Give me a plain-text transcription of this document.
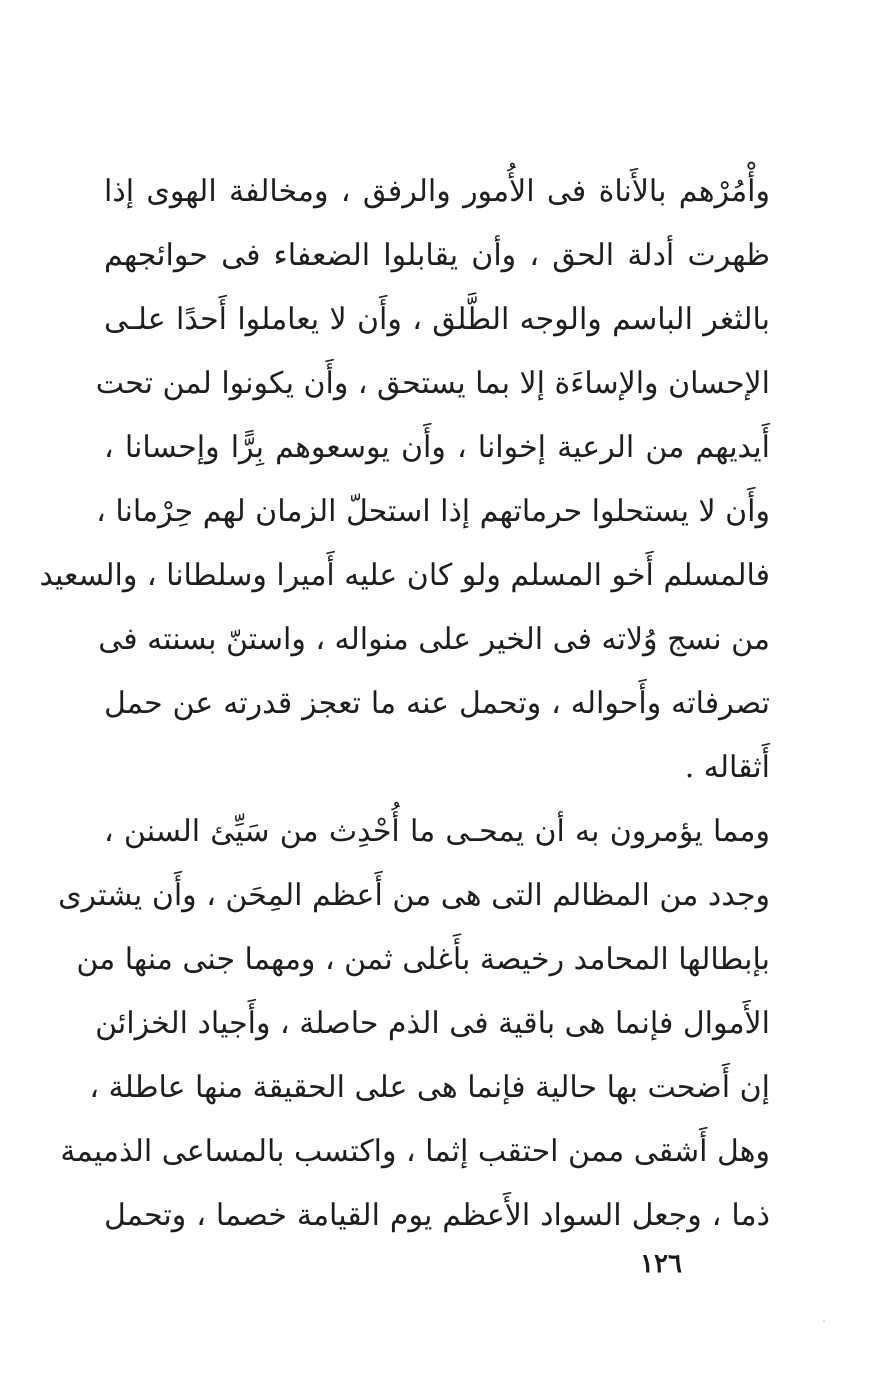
وأْمُرْهم بالأَناة فى الأُمور والرفق ، ومخالفة الهوى إذا
ظهرت أدلة الحق ، وأن يقابلوا الضعفاء فى حوائجهم
بالثغر الباسم والوجه الطَّلق ، وأَن لا يعاملوا أَحدًا علـى
الإحسان والإساءَة إلا بما يستحق ، وأَن يكونوا لمن تحت
أَيديهم من الرعية إخوانا ، وأَن يوسعوهم بِرًّا وإحسانا ،
وأَن لا يستحلوا حرماتهم إذا استحلّ الزمان لهم حِرْمانا ،
فالمسلم أَخو المسلم ولو كان عليه أَميرا وسلطانا ، والسعيد
من نسج وُلاته فى الخير على منواله ، واستنّ بسنته فى
تصرفاته وأَحواله ، وتحمل عنه ما تعجز قدرته عن حمل
أَثقاله .
ومما يؤمرون به أن يمحـى ما أُحْدِث من سَيِّئ السنن ،
وجدد من المظالم التى هى من أَعظم المِحَن ، وأَن يشترى
بإبطالها المحامد رخيصة بأَغلى ثمن ، ومهما جنى منها من
الأَموال فإنما هى باقية فى الذم حاصلة ، وأَجياد الخزائن
إن أَضحت بها حالية فإنما هى على الحقيقة منها عاطلة ،
وهل أَشقى ممن احتقب إثما ، واكتسب بالمساعى الذميمة
ذما ، وجعل السواد الأَعظم يوم القيامة خصما ، وتحمل
١٢٦
